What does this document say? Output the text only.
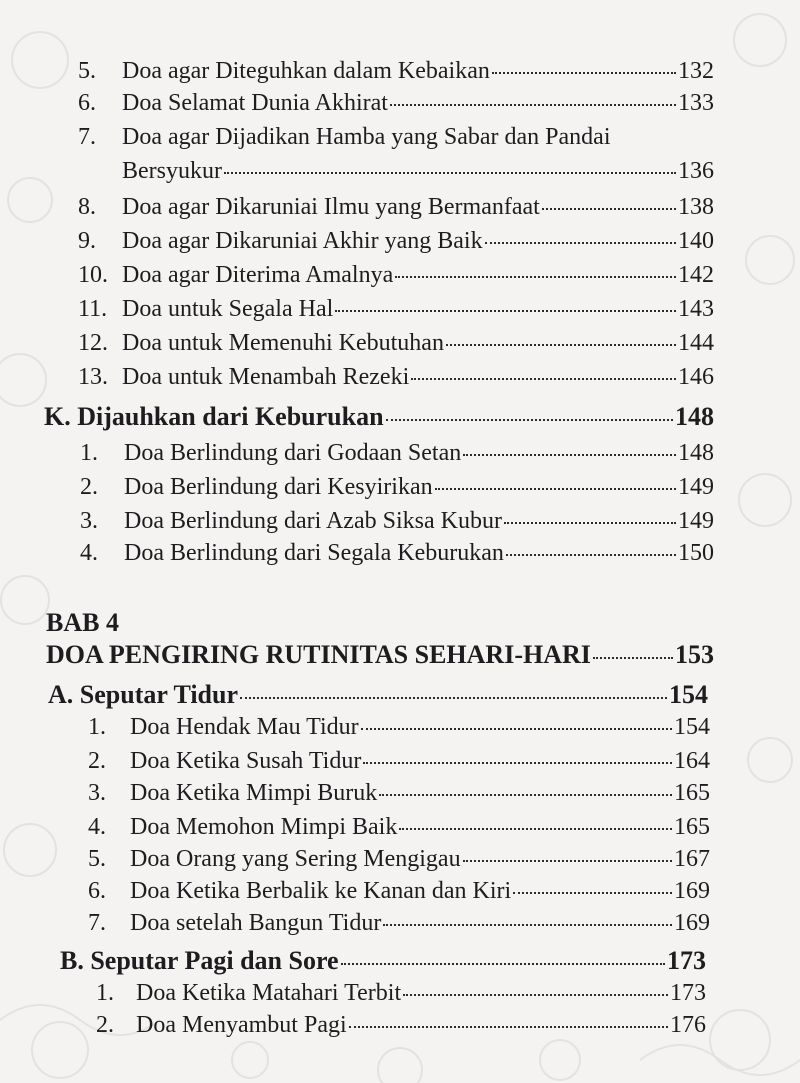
5.	Doa agar Diteguhkan dalam Kebaikan	132
6.	Doa Selamat Dunia Akhirat	133
7. Doa agar Dijadikan Hamba yang Sabar dan Pandai
Bersyukur	136
8.	Doa agar Dikaruniai Ilmu yang Bermanfaat	138
9.	Doa agar Dikaruniai Akhir yang Baik	140
10. Doa agar Diterima Amalnya	142
11. Doa untuk Segala Hal	143
12. Doa untuk Memenuhi Kebutuhan	144
13. Doa untuk Menambah Rezeki	146
K. Dijauhkan dari Keburukan	148
1.	Doa Berlindung dari Godaan Setan	148
2.	Doa Berlindung dari Kesyirikan	149
3.	Doa Berlindung dari Azab Siksa Kubur	149
4.	Doa Berlindung dari Segala Keburukan	150
BAB 4
DOA PENGIRING RUTINITAS SEHARI-HARI	153
A. Seputar Tidur	154
1.	Doa Hendak Mau Tidur	154
2.	Doa Ketika Susah Tidur	164
3.	Doa Ketika Mimpi Buruk	165
4.	Doa Memohon Mimpi Baik	165
5.	Doa Orang yang Sering Mengigau	167
6.	Doa Ketika Berbalik ke Kanan dan Kiri	169
7.	Doa setelah Bangun Tidur	169
B. Seputar Pagi dan Sore	173
1. Doa Ketika Matahari Terbit	173
2. Doa Menyambut Pagi	176
